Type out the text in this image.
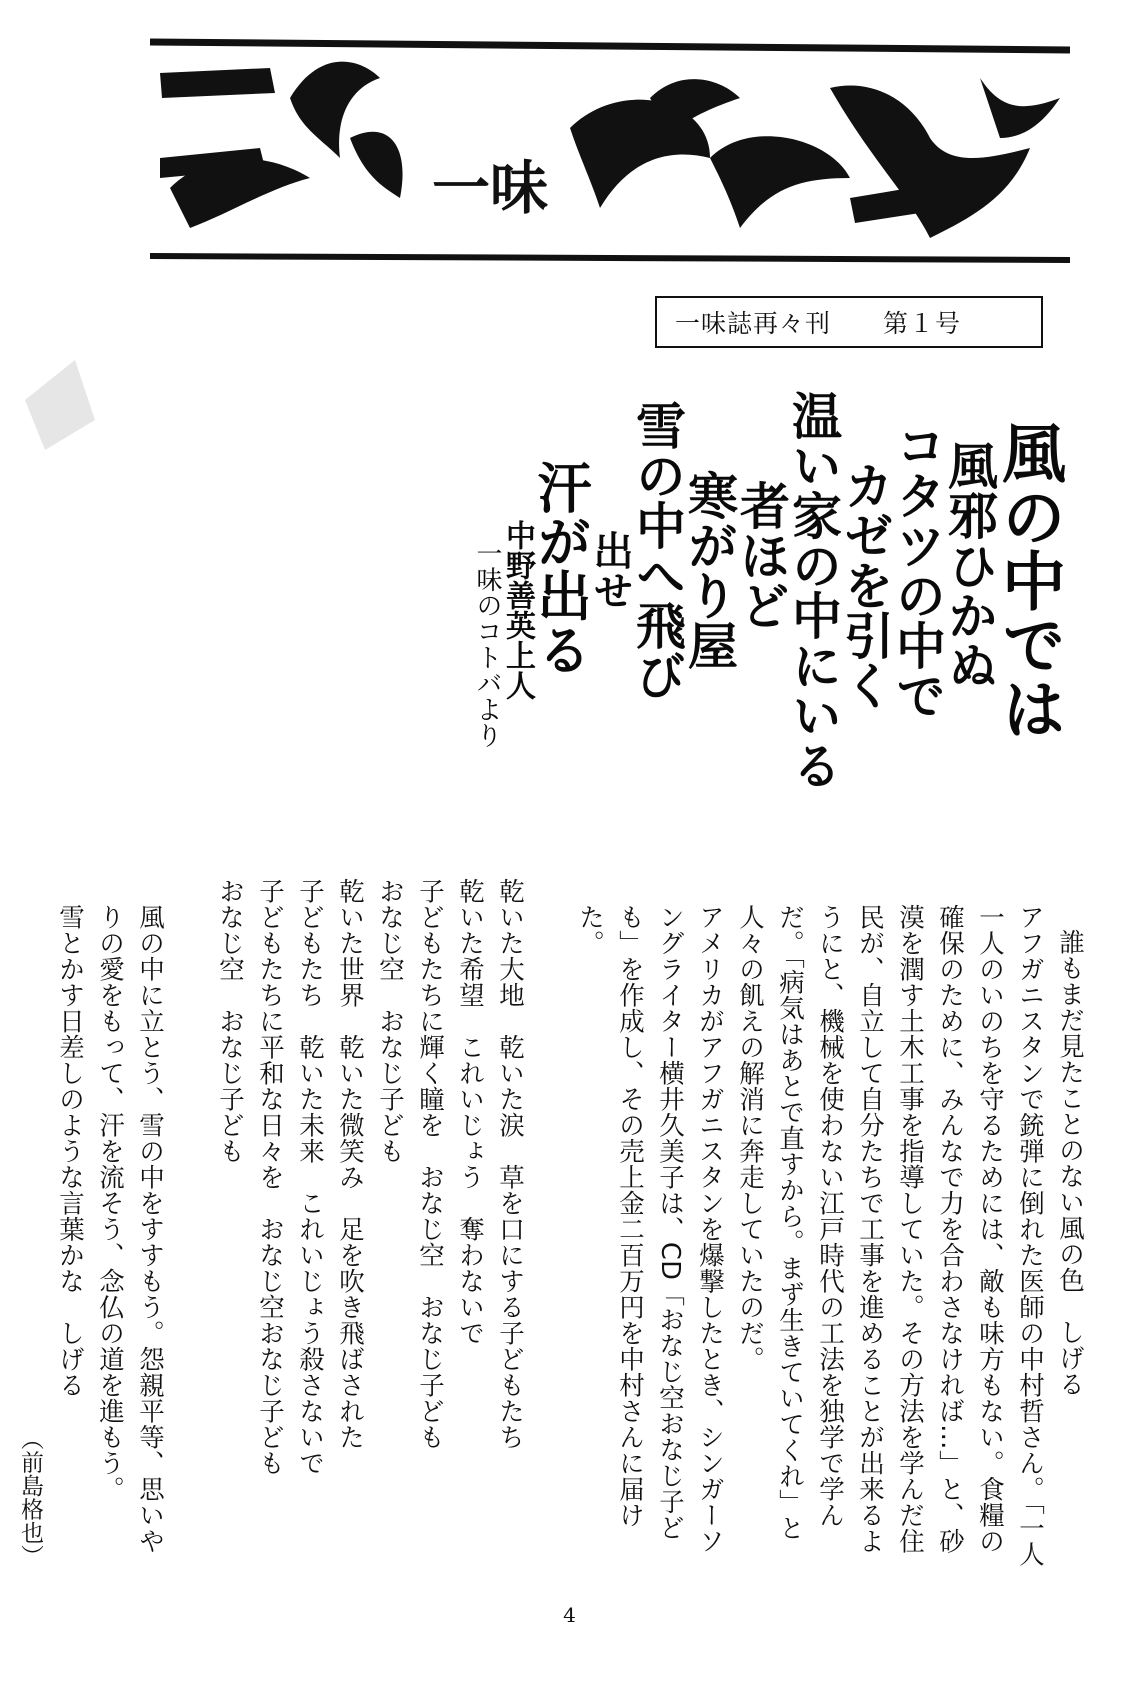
一味
一味誌再々刊　　第１号
風の中では
風邪ひかぬ
コタツの中で
カゼを引く
温い家の中にいる
者ほど
寒がり屋
雪の中へ飛び
出せ
汗が出る
中野善英上人
一味のコトバより
誰もまだ見たことのない風の色　しげる
アフガニスタンで銃弾に倒れた医師の中村哲さん。「一人一人のいのちを守るためには、敵も味方もない。食糧の確保のために、みんなで力を合わさなければ…」と、砂漠を潤す土木工事を指導していた。その方法を学んだ住民が、自立して自分たちで工事を進めることが出来るようにと、機械を使わない江戸時代の工法を独学で学んだ。「病気はあとで直すから。まず生きていてくれ」と人々の飢えの解消に奔走していたのだ。
アメリカがアフガニスタンを爆撃したとき、シンガーソングライター横井久美子は、CD「おなじ空おなじ子ども」を作成し、その売上金二百万円を中村さんに届けた。
乾いた大地　乾いた涙　草を口にする子どもたち
乾いた希望　これいじょう　奪わないで
子どもたちに輝く瞳を　おなじ空　おなじ子ども
おなじ空　おなじ子ども
乾いた世界　乾いた微笑み　足を吹き飛ばされた
子どもたち　乾いた未来　これいじょう殺さないで
子どもたちに平和な日々を　おなじ空おなじ子ども
おなじ空　おなじ子ども
風の中に立とう、雪の中をすすもう。怨親平等、思いやりの愛をもって、汗を流そう、念仏の道を進もう。
雪とかす日差しのような言葉かな　しげる
（前島格也）
4
